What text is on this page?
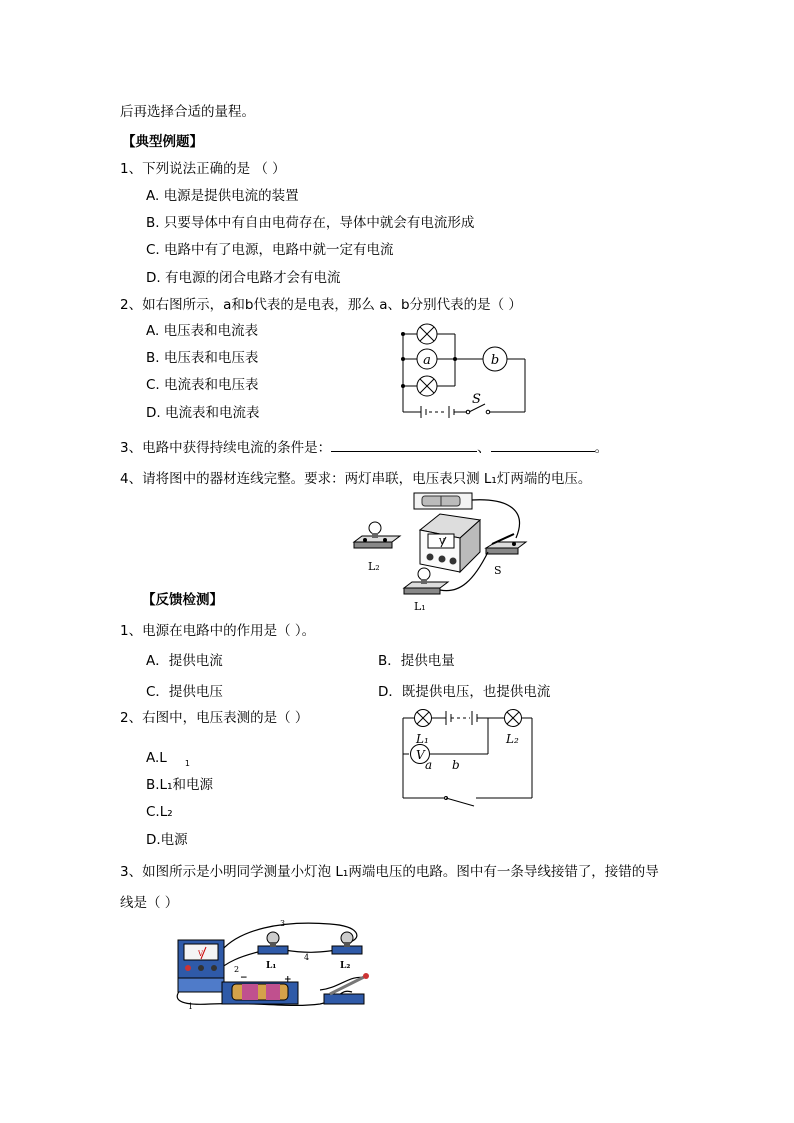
后再选择合适的量程。
【典型例题】
1、下列说法正确的是 （ ）
A. 电源是提供电流的装置
B. 只要导体中有自由电荷存在，导体中就会有电流形成
C. 电路中有了电源，电路中就一定有电流
D. 有电源的闭合电路才会有电流
2、如右图所示，a和b代表的是电表，那么 a、b分别代表的是（ ）
A. 电压表和电流表
B. 电压表和电压表
C. 电流表和电压表
D. 电流表和电流表
a	b
S
3、电路中获得持续电流的条件是：	、	。
4、请将图中的器材连线完整。要求：两灯串联，电压表只测 L₁灯两端的电压。
V
L₂	S
L₁
【反馈检测】
1、电源在电路中的作用是（ ）。
A．提供电流	B．提供电量
C．提供电压	D．既提供电压，也提供电流
2、右图中，电压表测的是（ ）
A.L $_1$
B.L₁和电源
C.L₂
D.电源
L₁	L₂
V
a b
3、如图所示是小明同学测量小灯泡 L₁两端电压的电路。图中有一条导线接错了，接错的导
线是（ ）
V
3
4
2
1
L₁	L₂
−	+
